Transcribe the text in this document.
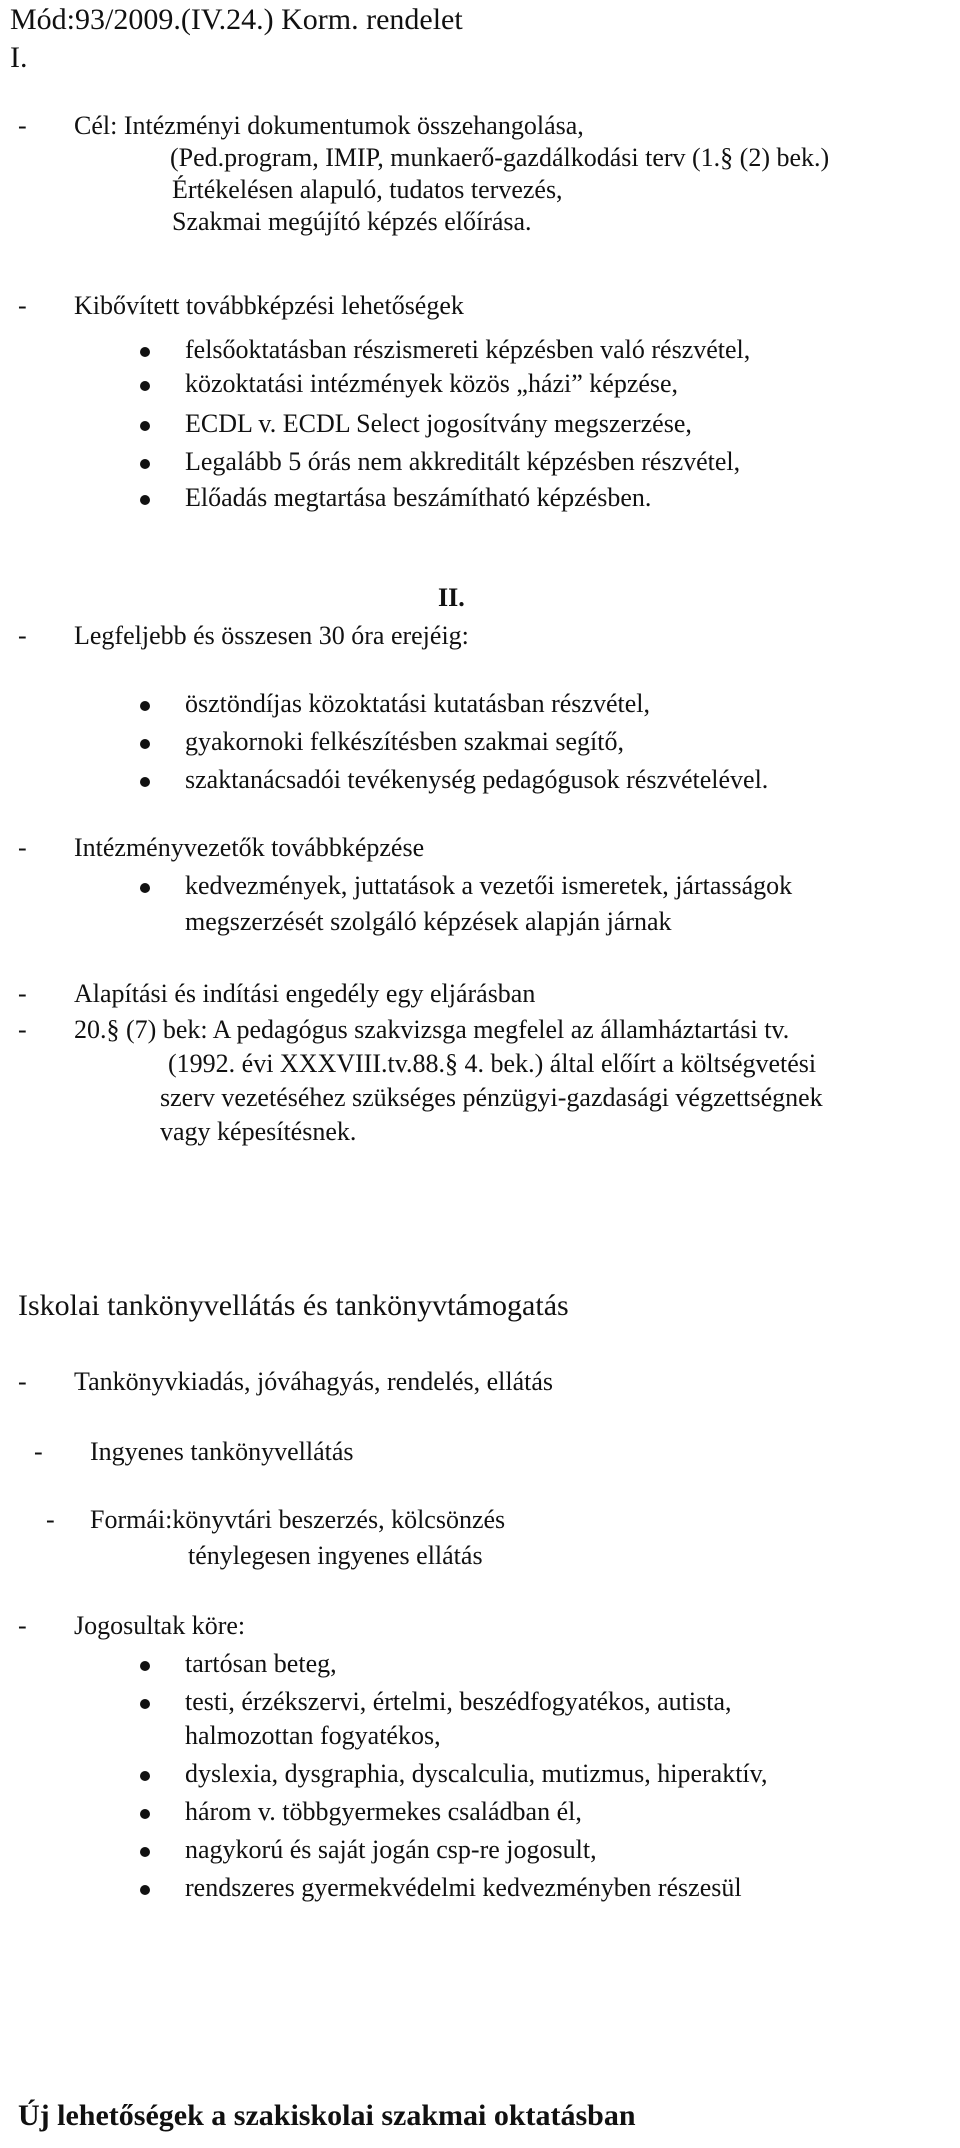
Mód:93/2009.(IV.24.) Korm. rendelet
I.
- Cél: Intézményi dokumentumok összehangolása,
(Ped.program, IMIP, munkaerő-gazdálkodási terv (1.§ (2) bek.)
Értékelésen alapuló, tudatos tervezés,
Szakmai megújító képzés előírása.
- Kibővített továbbképzési lehetőségek
felsőoktatásban részismereti képzésben való részvétel,
közoktatási intézmények közös „házi” képzése,
ECDL v. ECDL Select jogosítvány megszerzése,
Legalább 5 órás nem akkreditált képzésben részvétel,
Előadás megtartása beszámítható képzésben.
II.
- Legfeljebb és összesen 30 óra erejéig:
ösztöndíjas közoktatási kutatásban részvétel,
gyakornoki felkészítésben szakmai segítő,
szaktanácsadói tevékenység pedagógusok részvételével.
- Intézményvezetők továbbképzése
kedvezmények, juttatások a vezetői ismeretek, jártasságok
megszerzését szolgáló képzések alapján járnak
- Alapítási és indítási engedély egy eljárásban
- 20.§ (7) bek: A pedagógus szakvizsga megfelel az államháztartási tv.
(1992. évi XXXVIII.tv.88.§ 4. bek.) által előírt a költségvetési
szerv vezetéséhez szükséges pénzügyi-gazdasági végzettségnek
vagy képesítésnek.
Iskolai tankönyvellátás és tankönyvtámogatás
- Tankönyvkiadás, jóváhagyás, rendelés, ellátás
- Ingyenes tankönyvellátás
- Formái:könyvtári beszerzés, kölcsönzés
ténylegesen ingyenes ellátás
- Jogosultak köre:
tartósan beteg,
testi, érzékszervi, értelmi, beszédfogyatékos, autista,
halmozottan fogyatékos,
dyslexia, dysgraphia, dyscalculia, mutizmus, hiperaktív,
három v. többgyermekes családban él,
nagykorú és saját jogán csp-re jogosult,
rendszeres gyermekvédelmi kedvezményben részesül
Új lehetőségek a szakiskolai szakmai oktatásban
